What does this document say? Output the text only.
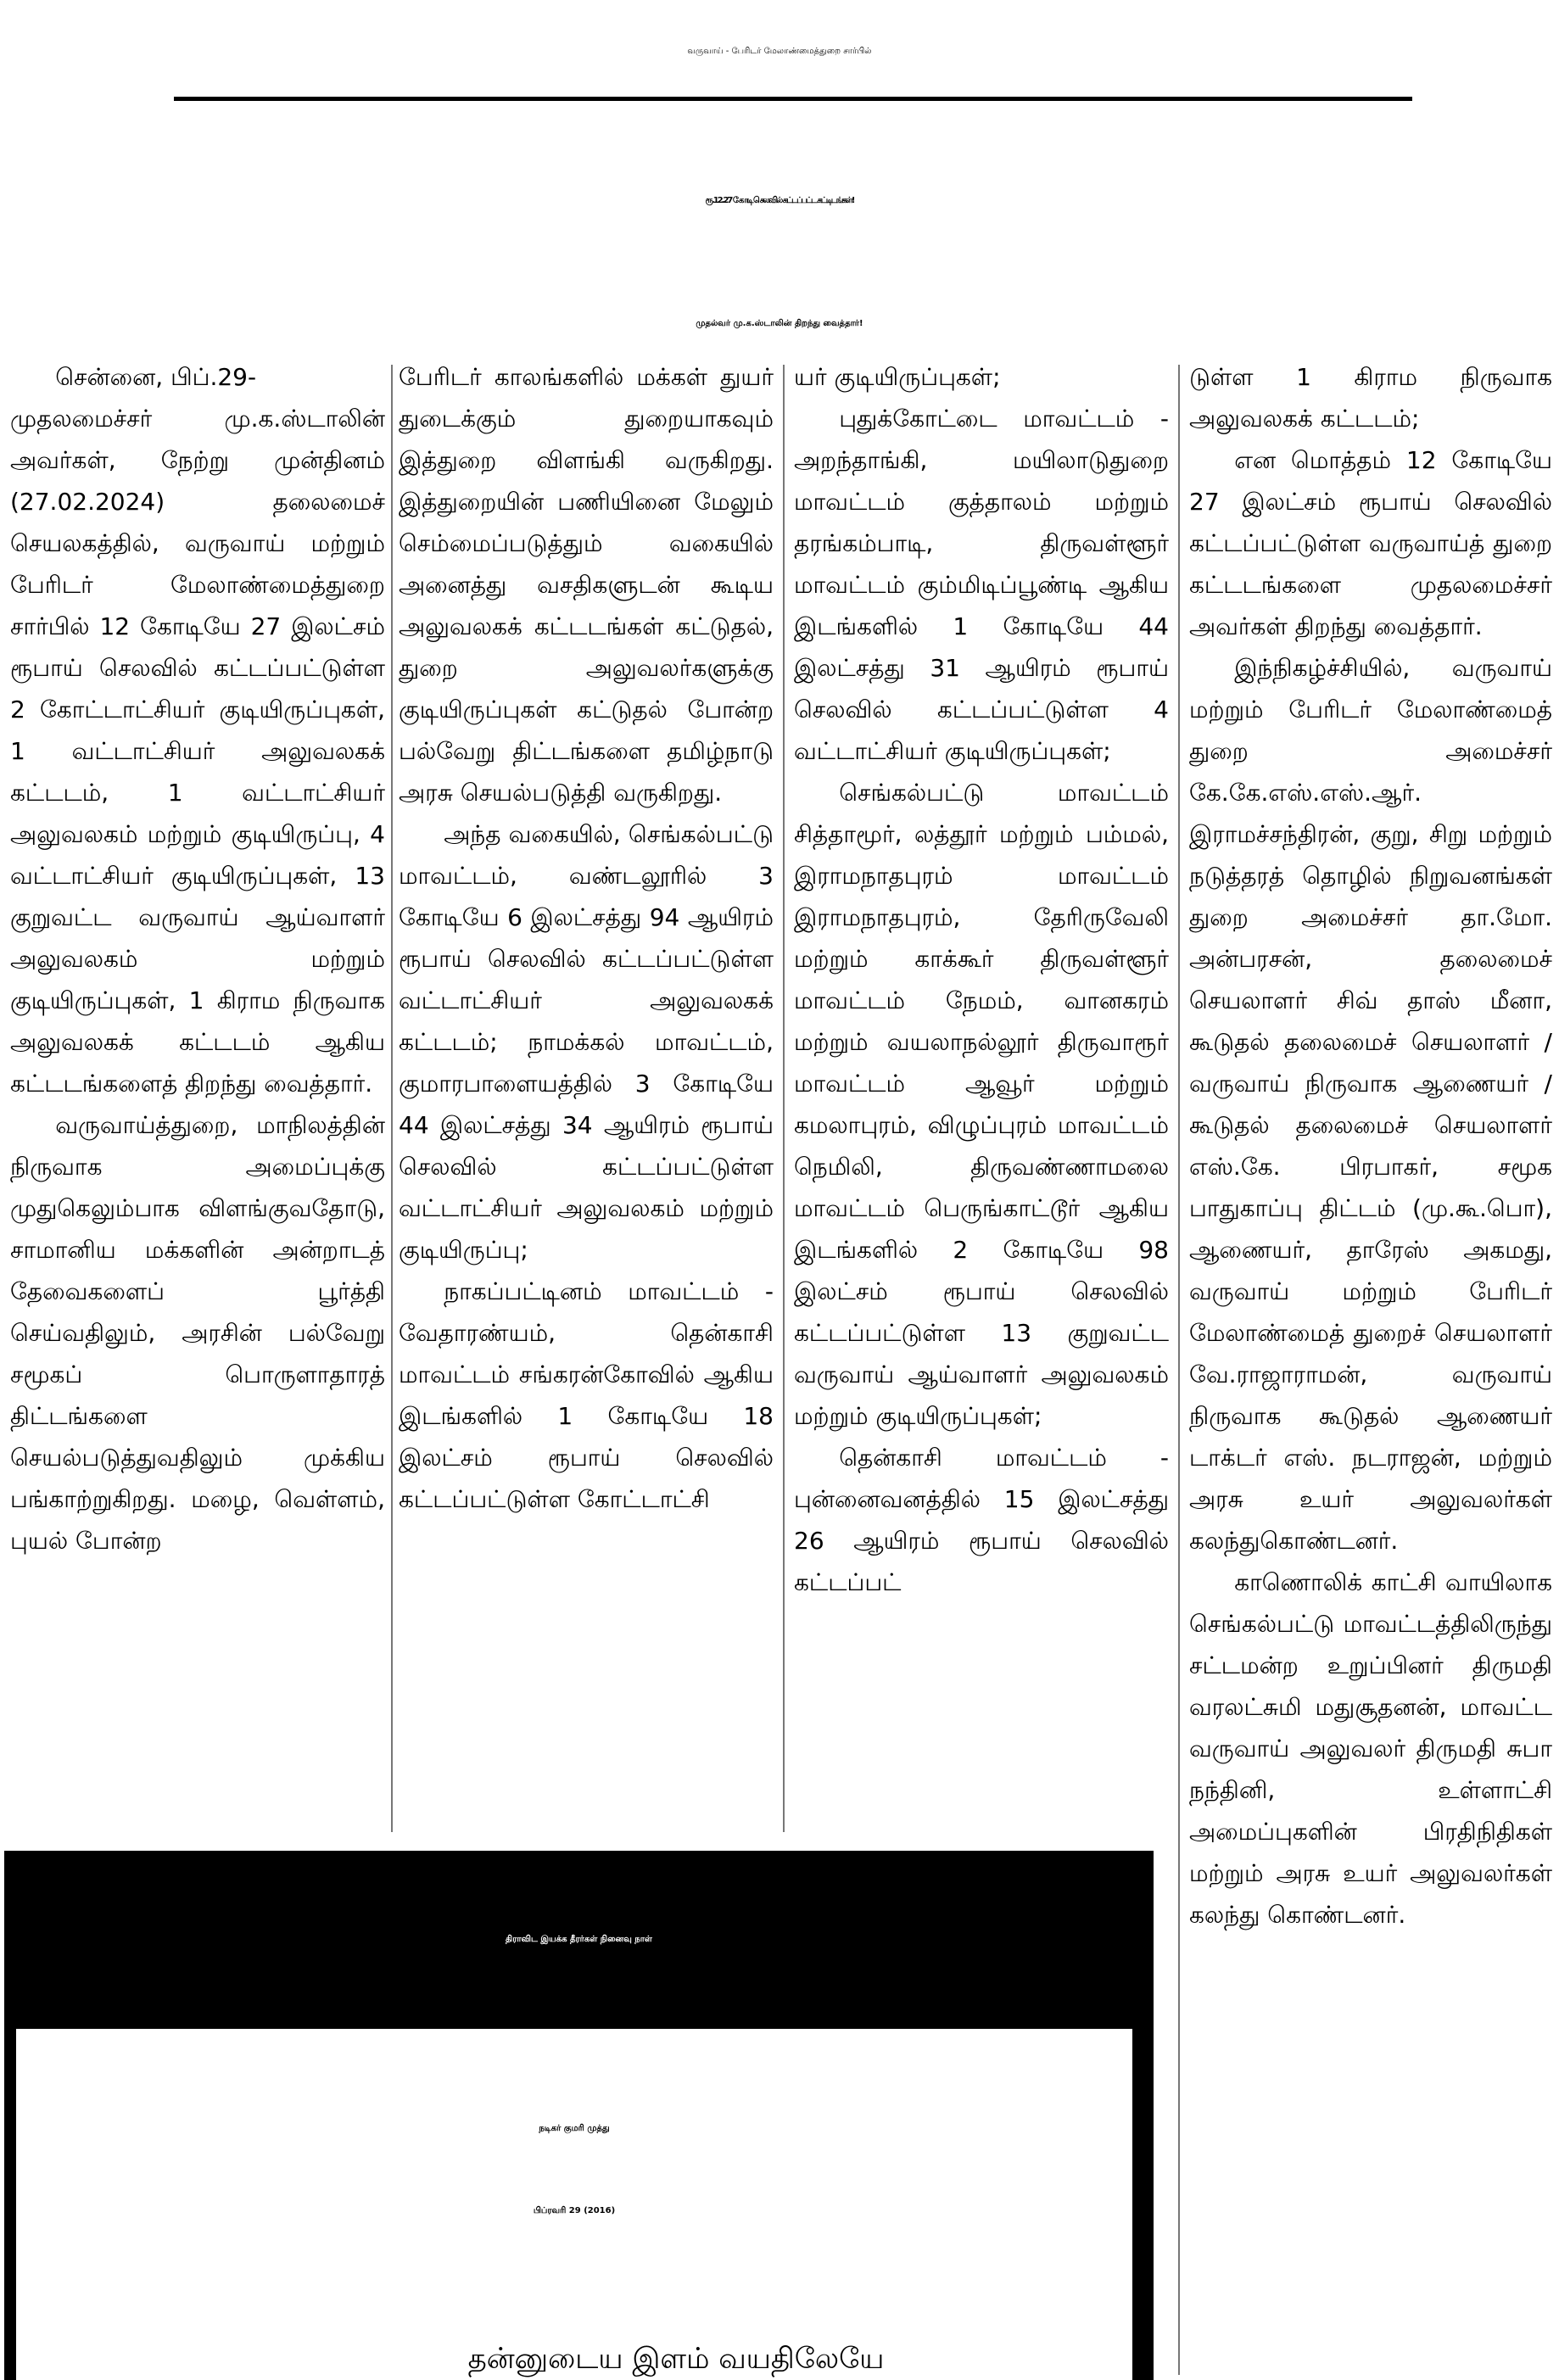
வருவாய் - பேரிடர் மேலாண்மைத்துறை சார்பில்
ரூ.12.27 கோடி செலவில் கட்டப்பட்ட கட்டிடங்கள்!
முதல்வர் மு.க.ஸ்டாலின் திறந்து வைத்தார்!

சென்னை, பிப்.29-

முதலமைச்சர் மு.க.ஸ்டாலின் அவர்கள், நேற்று முன்தினம் (27.02.2024) தலைமைச் செயலகத்தில், வருவாய் மற்றும் பேரிடர் மேலாண்மைத்துறை சார்பில் 12 கோடியே 27 இலட்சம் ரூபாய் செலவில் கட்டப்பட்டுள்ள 2 கோட்டாட்சியர் குடியிருப்புகள், 1 வட்டாட்சியர் அலுவலகக் கட்டடம், 1 வட்டாட்சியர் அலுவலகம் மற்றும் குடியிருப்பு, 4 வட்டாட்சியர் குடியிருப்புகள், 13 குறுவட்ட வருவாய் ஆய்வாளர் அலுவலகம் மற்றும் குடியிருப்புகள், 1 கிராம நிருவாக அலுவலகக் கட்டடம் ஆகிய கட்டடங்களைத் திறந்து வைத்தார்.

வருவாய்த்துறை, மாநிலத்தின் நிருவாக அமைப்புக்கு முதுகெலும்பாக விளங்குவதோடு, சாமானிய மக்களின் அன்றாடத் தேவைகளைப் பூர்த்தி செய்வதிலும், அரசின் பல்வேறு சமூகப் பொருளாதாரத் திட்டங்களை செயல்படுத்துவதிலும் முக்கிய பங்காற்றுகிறது. மழை, வெள்ளம், புயல் போன்ற

பேரிடர் காலங்களில் மக்கள் துயர் துடைக்கும் துறையாகவும் இத்துறை விளங்கி வருகிறது. இத்துறையின் பணியினை மேலும் செம்மைப்படுத்தும் வகையில் அனைத்து வசதிகளுடன் கூடிய அலுவலகக் கட்டடங்கள் கட்டுதல், துறை அலுவலர்களுக்கு குடியிருப்புகள் கட்டுதல் போன்ற பல்வேறு திட்டங்களை தமிழ்நாடு அரசு செயல்படுத்தி வருகிறது.

அந்த வகையில், செங்கல்பட்டு மாவட்டம், வண்டலூரில் 3 கோடியே 6 இலட்சத்து 94 ஆயிரம் ரூபாய் செலவில் கட்டப்பட்டுள்ள வட்டாட்சியர் அலுவலகக் கட்டடம்; நாமக்கல் மாவட்டம், குமாரபாளையத்தில் 3 கோடியே 44 இலட்சத்து 34 ஆயிரம் ரூபாய் செலவில் கட்டப்பட்டுள்ள வட்டாட்சியர் அலுவலகம் மற்றும் குடியிருப்பு;

நாகப்பட்டினம் மாவட்டம் - வேதாரண்யம், தென்காசி மாவட்டம் சங்கரன்கோவில் ஆகிய இடங்களில் 1 கோடியே 18 இலட்சம் ரூபாய் செலவில் கட்டப்பட்டுள்ள கோட்டாட்சி

யர் குடியிருப்புகள்;

புதுக்கோட்டை மாவட்டம் - அறந்தாங்கி, மயிலாடுதுறை மாவட்டம் குத்தாலம் மற்றும் தரங்கம்பாடி, திருவள்ளூர் மாவட்டம் கும்மிடிப்பூண்டி ஆகிய இடங்களில் 1 கோடியே 44 இலட்சத்து 31 ஆயிரம் ரூபாய் செலவில் கட்டப்பட்டுள்ள 4 வட்டாட்சியர் குடியிருப்புகள்;

செங்கல்பட்டு மாவட்டம் சித்தாமூர், லத்தூர் மற்றும் பம்மல், இராமநாதபுரம் மாவட்டம் இராமநாதபுரம், தேரிருவேலி மற்றும் காக்கூர் திருவள்ளூர் மாவட்டம் நேமம், வானகரம் மற்றும் வயலாநல்லூர் திருவாரூர் மாவட்டம் ஆவூர் மற்றும் கமலாபுரம், விழுப்புரம் மாவட்டம் நெமிலி, திருவண்ணாமலை மாவட்டம் பெருங்காட்டூர் ஆகிய இடங்களில் 2 கோடியே 98 இலட்சம் ரூபாய் செலவில் கட்டப்பட்டுள்ள 13 குறுவட்ட வருவாய் ஆய்வாளர் அலுவலகம் மற்றும் குடியிருப்புகள்;

தென்காசி மாவட்டம் - புன்னைவனத்தில் 15 இலட்சத்து 26 ஆயிரம் ரூபாய் செலவில் கட்டப்பட்

டுள்ள 1 கிராம நிருவாக அலுவலகக் கட்டடம்;

என மொத்தம் 12 கோடியே 27 இலட்சம் ரூபாய் செலவில் கட்டப்பட்டுள்ள வருவாய்த் துறை கட்டடங்களை முதலமைச்சர் அவர்கள் திறந்து வைத்தார்.

இந்நிகழ்ச்சியில், வருவாய் மற்றும் பேரிடர் மேலாண்மைத் துறை அமைச்சர் கே.கே.எஸ்.எஸ்.ஆர். இராமச்சந்திரன், குறு, சிறு மற்றும் நடுத்தரத் தொழில் நிறுவனங்கள் துறை அமைச்சர் தா.மோ. அன்பரசன், தலைமைச் செயலாளர் சிவ் தாஸ் மீனா, கூடுதல் தலைமைச் செயலாளர் / வருவாய் நிருவாக ஆணையர் / கூடுதல் தலைமைச் செயலாளர் எஸ்.கே. பிரபாகர், சமூக பாதுகாப்பு திட்டம் (மு.கூ.பொ), ஆணையர், தாரேஸ் அகமது, வருவாய் மற்றும் பேரிடர் மேலாண்மைத் துறைச் செயலாளர் வே.ராஜாராமன், வருவாய் நிருவாக கூடுதல் ஆணையர் டாக்டர் எஸ். நடராஜன், மற்றும் அரசு உயர் அலுவலர்கள் கலந்துகொண்டனர்.

காணொலிக் காட்சி வாயிலாக செங்கல்பட்டு மாவட்டத்திலிருந்து சட்டமன்ற உறுப்பினர் திருமதி வரலட்சுமி மதுசூதனன், மாவட்ட வருவாய் அலுவலர் திருமதி சுபா நந்தினி, உள்ளாட்சி அமைப்புகளின் பிரதிநிதிகள் மற்றும் அரசு உயர் அலுவலர்கள் கலந்து கொண்டனர்.

திராவிட இயக்க தீரர்கள் நினைவு நாள்
நடிகர் குமரி முத்து
பிப்ரவரி 29 (2016)
தன்னுடைய இளம் வயதிலேயே
